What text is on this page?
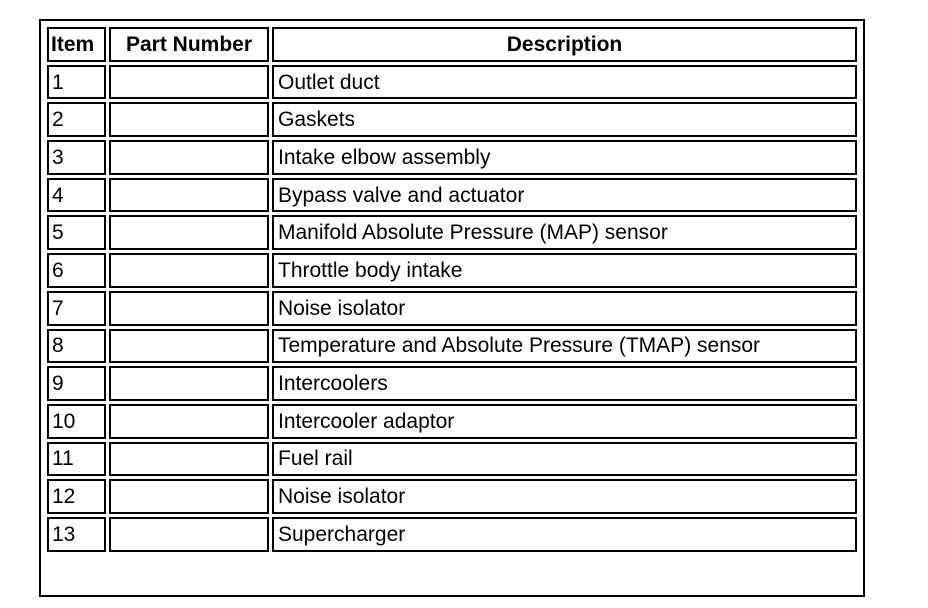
Item	Part Number	Description
1		Outlet duct
2		Gaskets
3		Intake elbow assembly
4		Bypass valve and actuator
5		Manifold Absolute Pressure (MAP) sensor
6		Throttle body intake
7		Noise isolator
8		Temperature and Absolute Pressure (TMAP) sensor
9		Intercoolers
10		Intercooler adaptor
11		Fuel rail
12		Noise isolator
13		Supercharger
